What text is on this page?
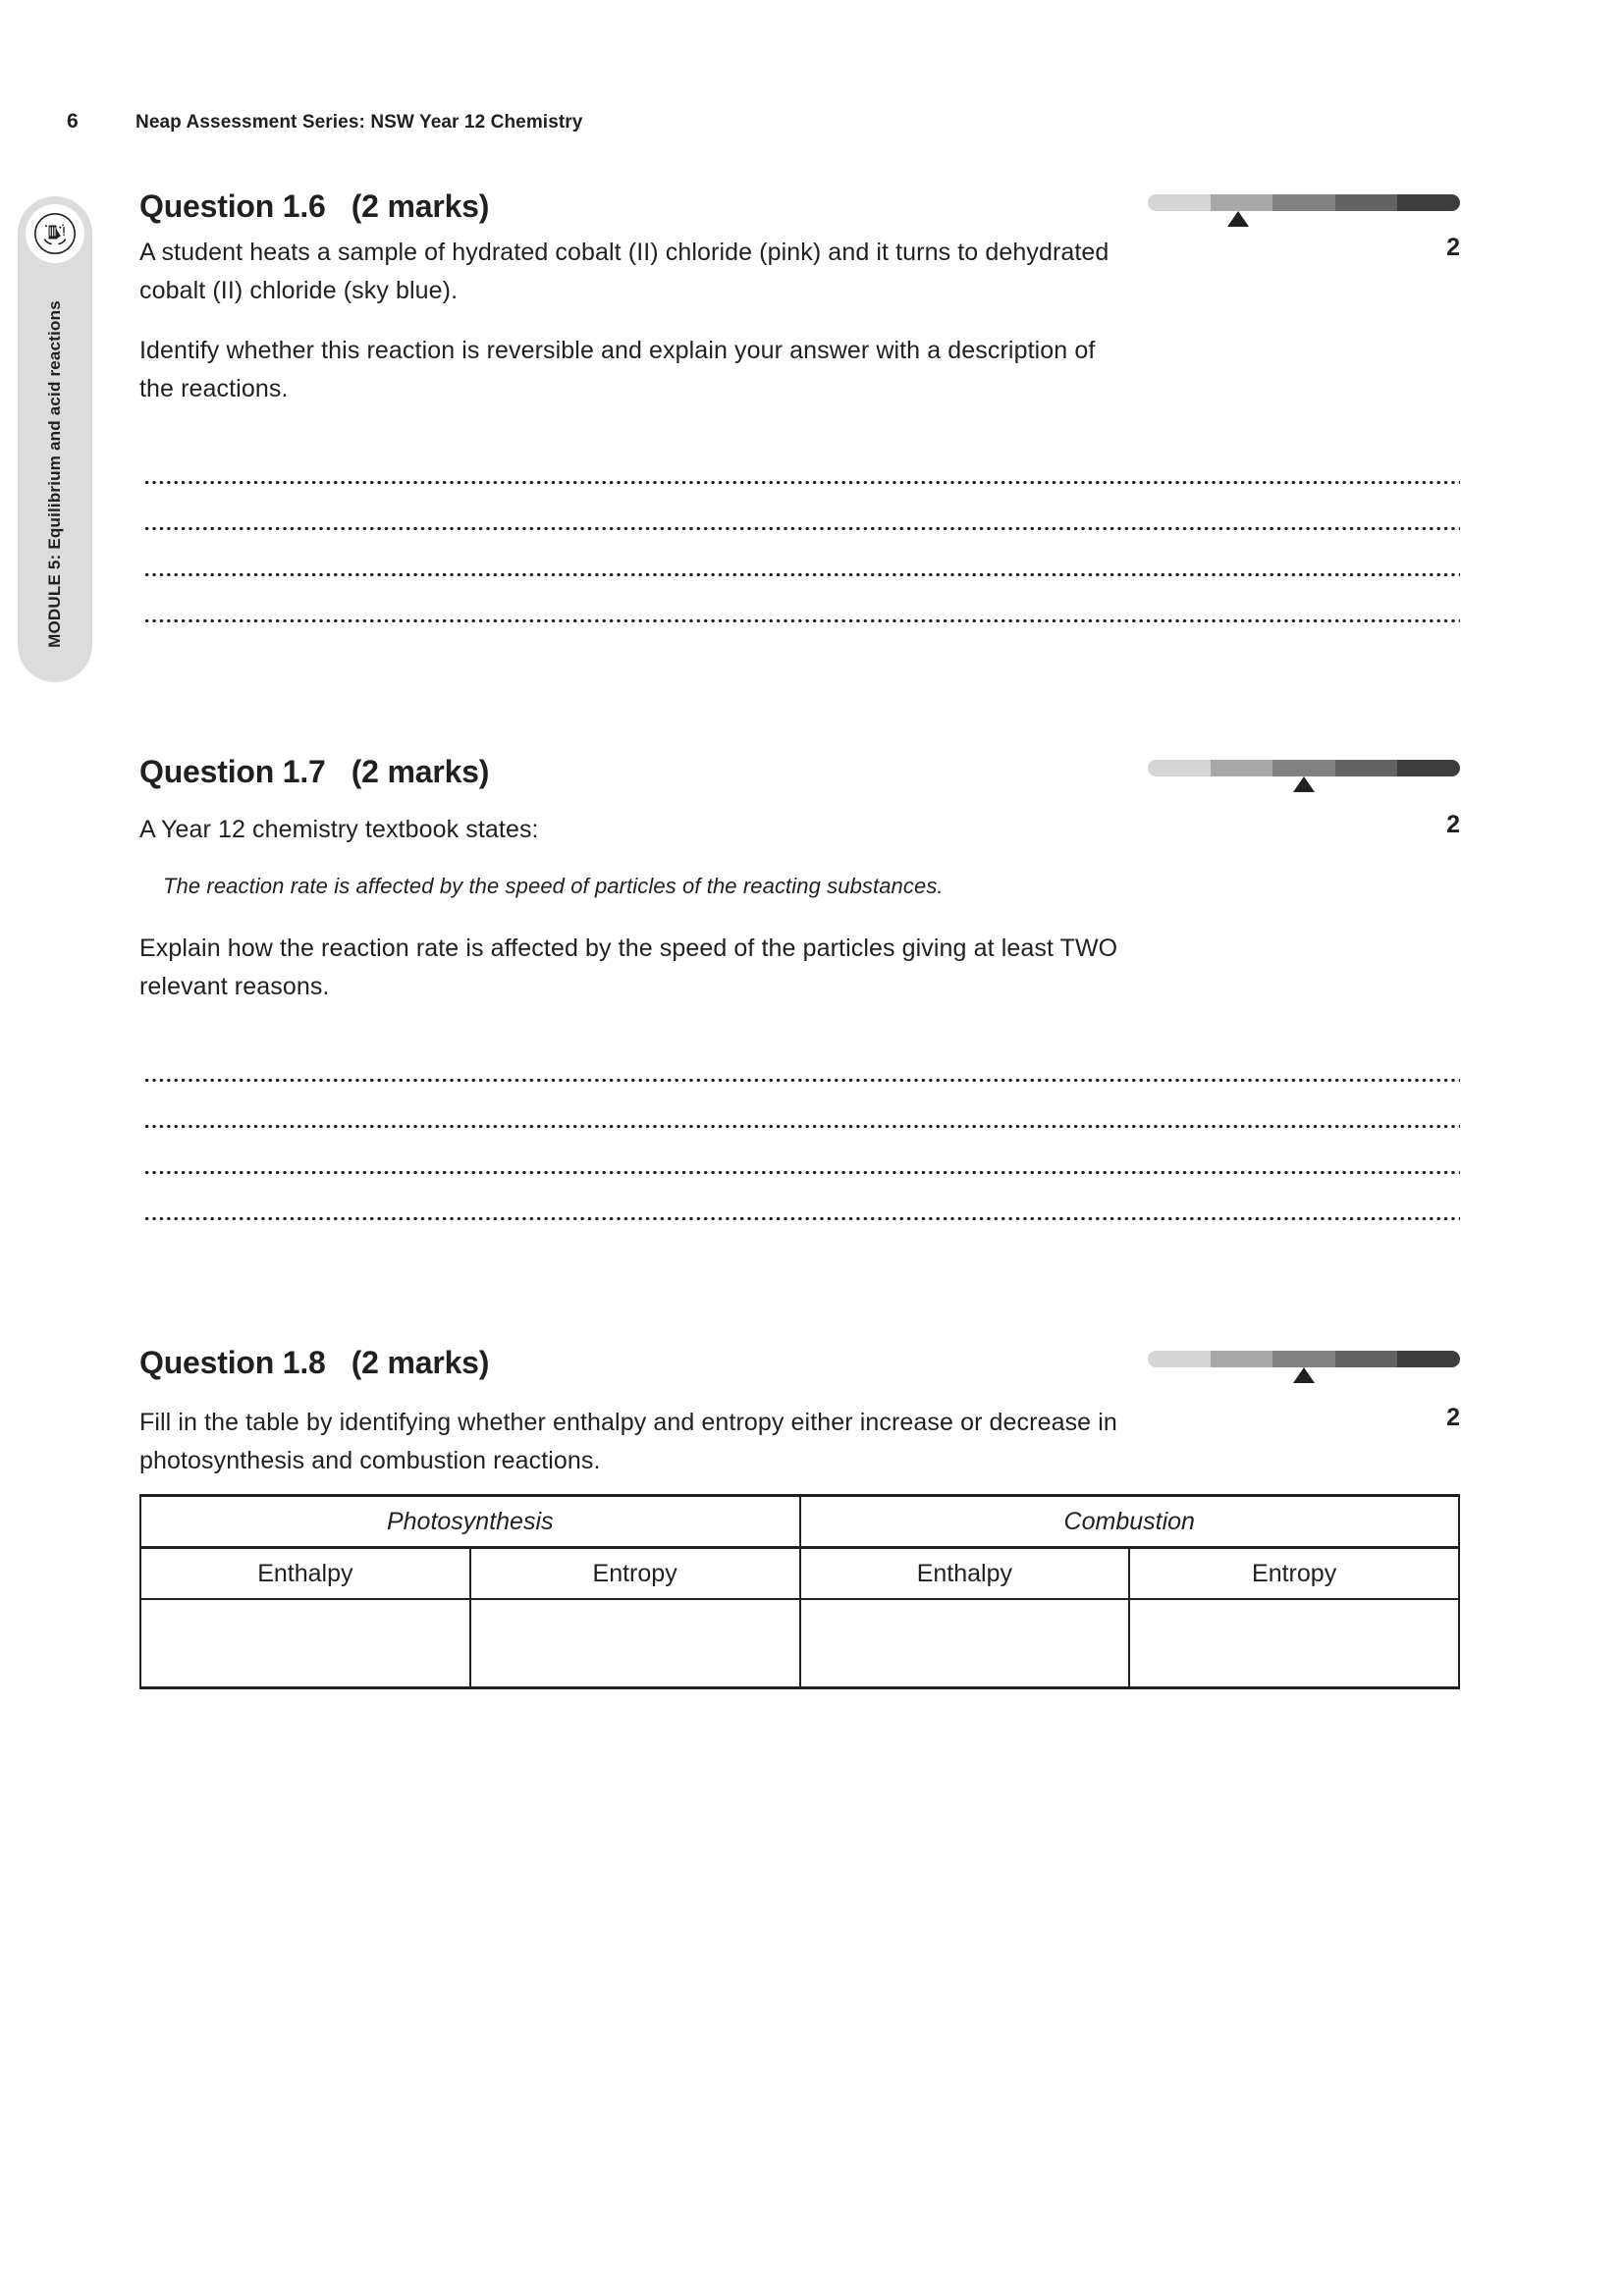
6	Neap Assessment Series: NSW Year 12 Chemistry
MODULE 5: Equilibrium and acid reactions
Question 1.6   (2 marks)
2

A student heats a sample of hydrated cobalt (II) chloride (pink) and it turns to dehydrated cobalt (II) chloride (sky blue).

Identify whether this reaction is reversible and explain your answer with a description of the reactions.

Question 1.7   (2 marks)
2

A Year 12 chemistry textbook states:

The reaction rate is affected by the speed of particles of the reacting substances.

Explain how the reaction rate is affected by the speed of the particles giving at least TWO relevant reasons.

Question 1.8   (2 marks)
2

Fill in the table by identifying whether enthalpy and entropy either increase or decrease in photosynthesis and combustion reactions.

Photosynthesis		Combustion	
Enthalpy	Entropy	Enthalpy	Entropy
